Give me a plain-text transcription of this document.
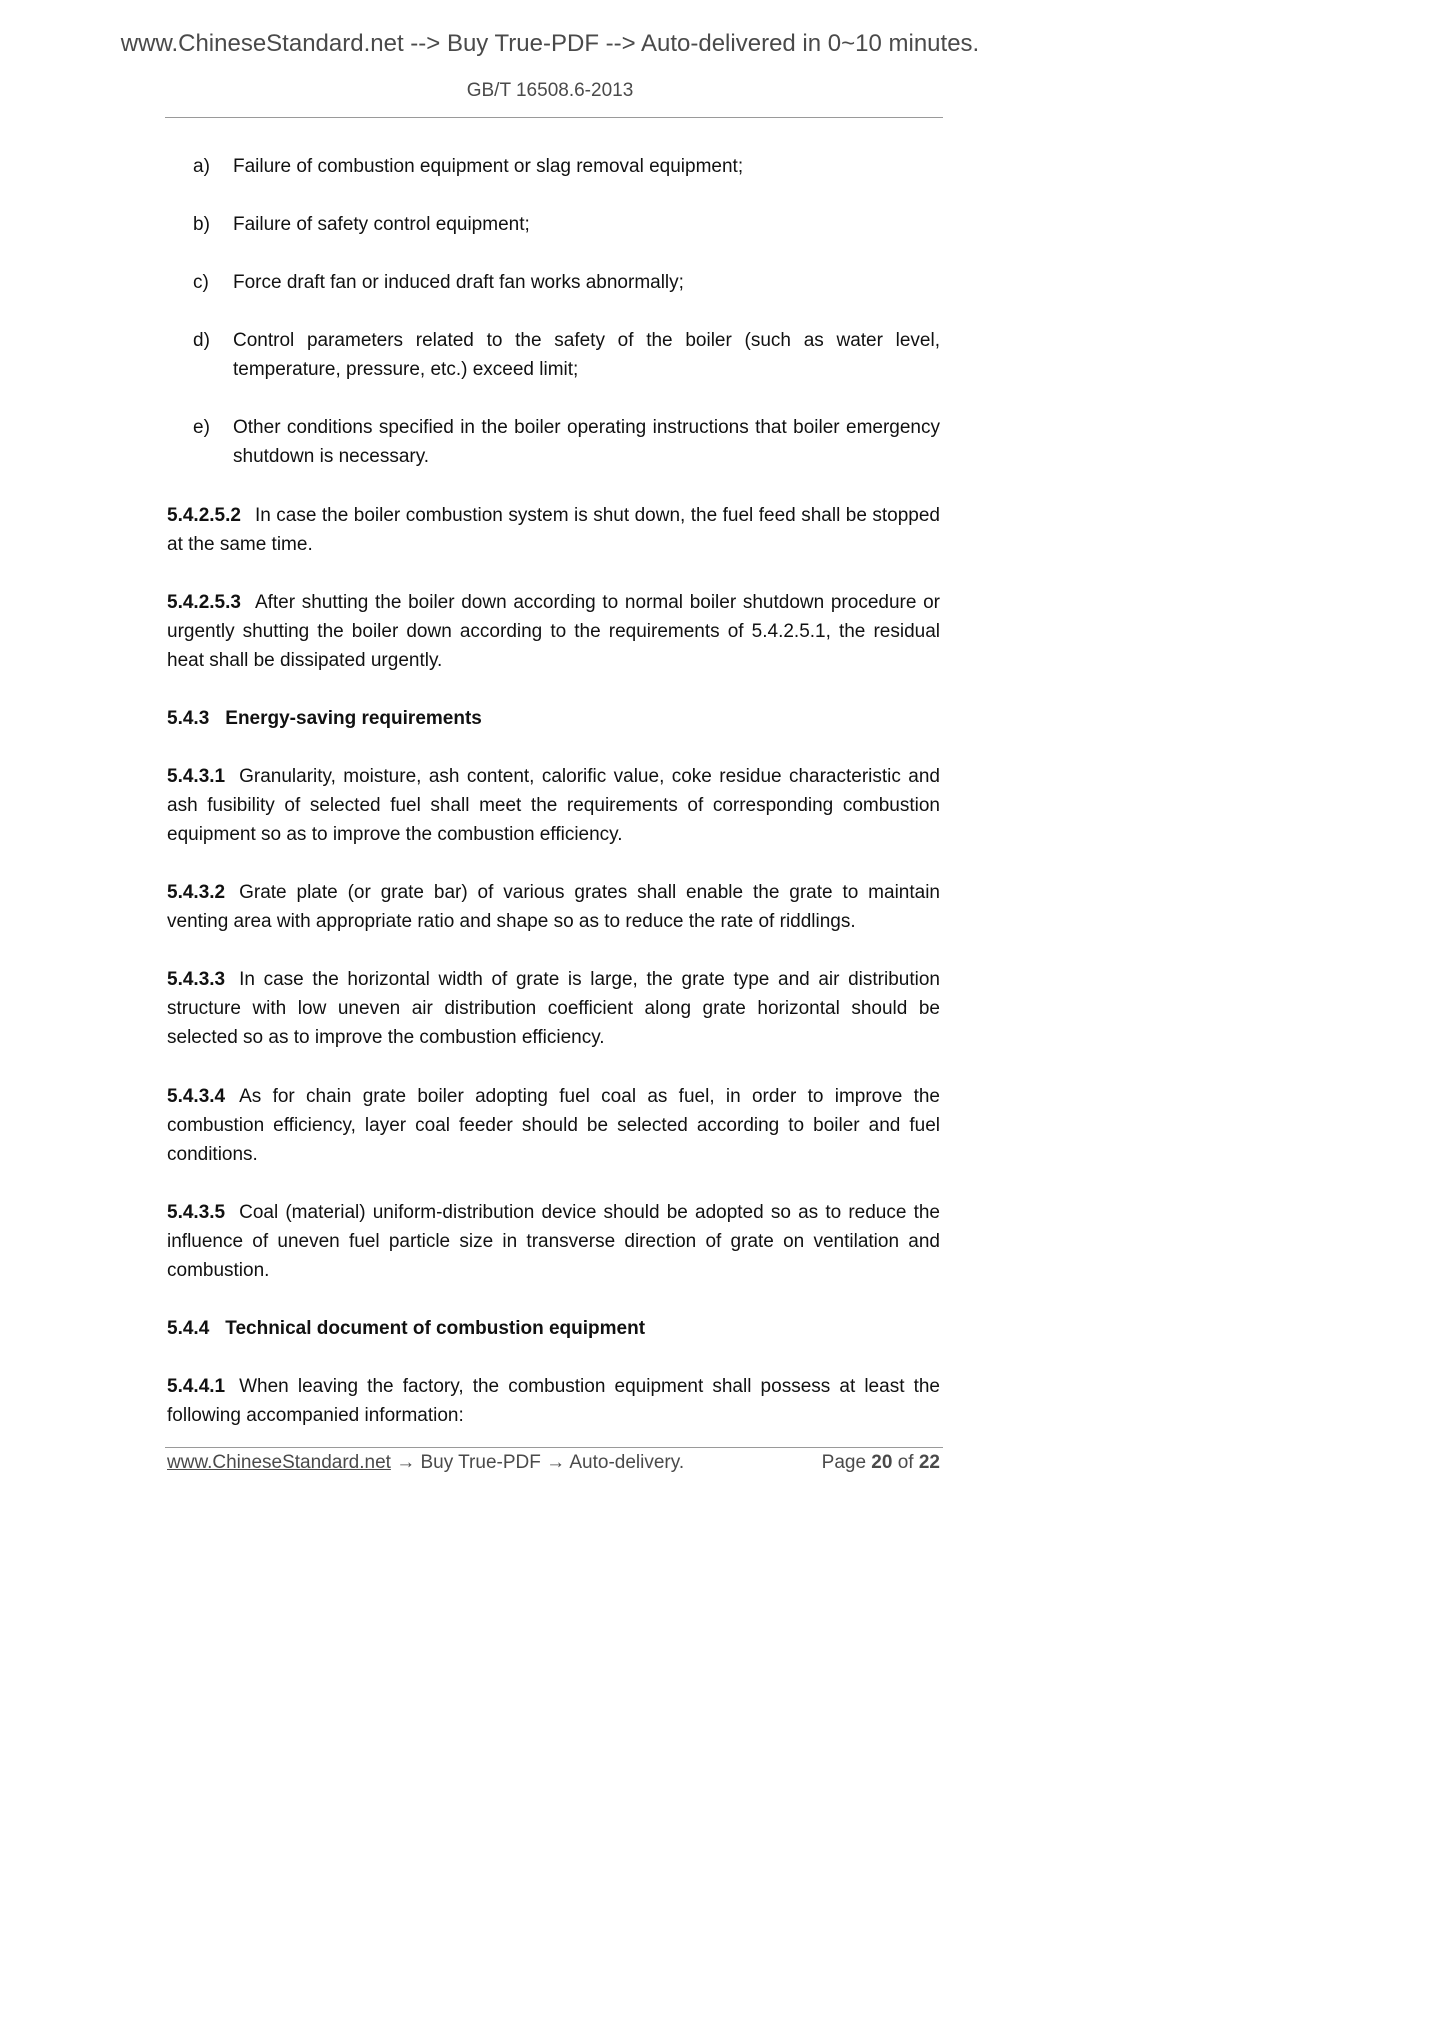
www.ChineseStandard.net --> Buy True-PDF --> Auto-delivered in 0~10 minutes.
GB/T 16508.6-2013
a) Failure of combustion equipment or slag removal equipment;
b) Failure of safety control equipment;
c) Force draft fan or induced draft fan works abnormally;
d) Control parameters related to the safety of the boiler (such as water level, temperature, pressure, etc.) exceed limit;
e) Other conditions specified in the boiler operating instructions that boiler emergency shutdown is necessary.

5.4.2.5.2 In case the boiler combustion system is shut down, the fuel feed shall be stopped at the same time.

5.4.2.5.3 After shutting the boiler down according to normal boiler shutdown procedure or urgently shutting the boiler down according to the requirements of 5.4.2.5.1, the residual heat shall be dissipated urgently.

5.4.3 Energy-saving requirements

5.4.3.1 Granularity, moisture, ash content, calorific value, coke residue characteristic and ash fusibility of selected fuel shall meet the requirements of corresponding combustion equipment so as to improve the combustion efficiency.

5.4.3.2 Grate plate (or grate bar) of various grates shall enable the grate to maintain venting area with appropriate ratio and shape so as to reduce the rate of riddlings.

5.4.3.3 In case the horizontal width of grate is large, the grate type and air distribution structure with low uneven air distribution coefficient along grate horizontal should be selected so as to improve the combustion efficiency.

5.4.3.4 As for chain grate boiler adopting fuel coal as fuel, in order to improve the combustion efficiency, layer coal feeder should be selected according to boiler and fuel conditions.

5.4.3.5 Coal (material) uniform-distribution device should be adopted so as to reduce the influence of uneven fuel particle size in transverse direction of grate on ventilation and combustion.

5.4.4 Technical document of combustion equipment

5.4.4.1 When leaving the factory, the combustion equipment shall possess at least the following accompanied information:

www.ChineseStandard.net → Buy True-PDF → Auto-delivery.	Page 20 of 22
